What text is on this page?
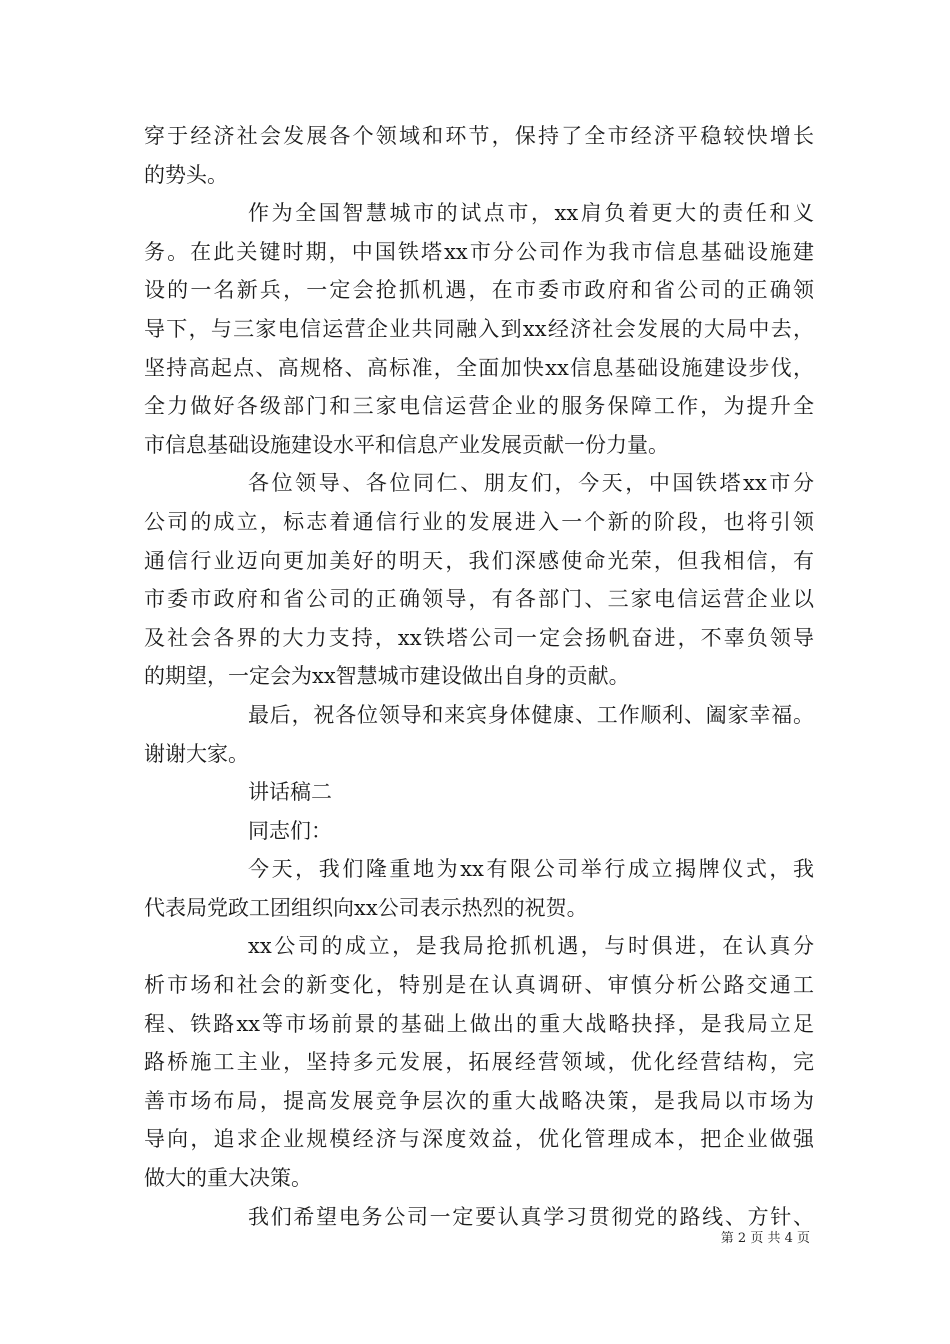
穿于经济社会发展各个领域和环节，保持了全市经济平稳较快增长
的势头。
作为全国智慧城市的试点市，xx肩负着更大的责任和义
务。在此关键时期，中国铁塔xx市分公司作为我市信息基础设施建
设的一名新兵，一定会抢抓机遇，在市委市政府和省公司的正确领
导下，与三家电信运营企业共同融入到xx经济社会发展的大局中去，
坚持高起点、高规格、高标准，全面加快xx信息基础设施建设步伐，
全力做好各级部门和三家电信运营企业的服务保障工作，为提升全
市信息基础设施建设水平和信息产业发展贡献一份力量。
各位领导、各位同仁、朋友们，今天，中国铁塔xx市分
公司的成立，标志着通信行业的发展进入一个新的阶段，也将引领
通信行业迈向更加美好的明天，我们深感使命光荣，但我相信，有
市委市政府和省公司的正确领导，有各部门、三家电信运营企业以
及社会各界的大力支持，xx铁塔公司一定会扬帆奋进，不辜负领导
的期望，一定会为xx智慧城市建设做出自身的贡献。
最后，祝各位领导和来宾身体健康、工作顺利、阖家幸福。
谢谢大家。
讲话稿二
同志们：
今天，我们隆重地为xx有限公司举行成立揭牌仪式，我
代表局党政工团组织向xx公司表示热烈的祝贺。
xx公司的成立，是我局抢抓机遇，与时俱进，在认真分
析市场和社会的新变化，特别是在认真调研、审慎分析公路交通工
程、铁路xx等市场前景的基础上做出的重大战略抉择，是我局立足
路桥施工主业，坚持多元发展，拓展经营领域，优化经营结构，完
善市场布局，提高发展竞争层次的重大战略决策，是我局以市场为
导向，追求企业规模经济与深度效益，优化管理成本，把企业做强
做大的重大决策。
我们希望电务公司一定要认真学习贯彻党的路线、方针、
第 2 页 共 4 页
